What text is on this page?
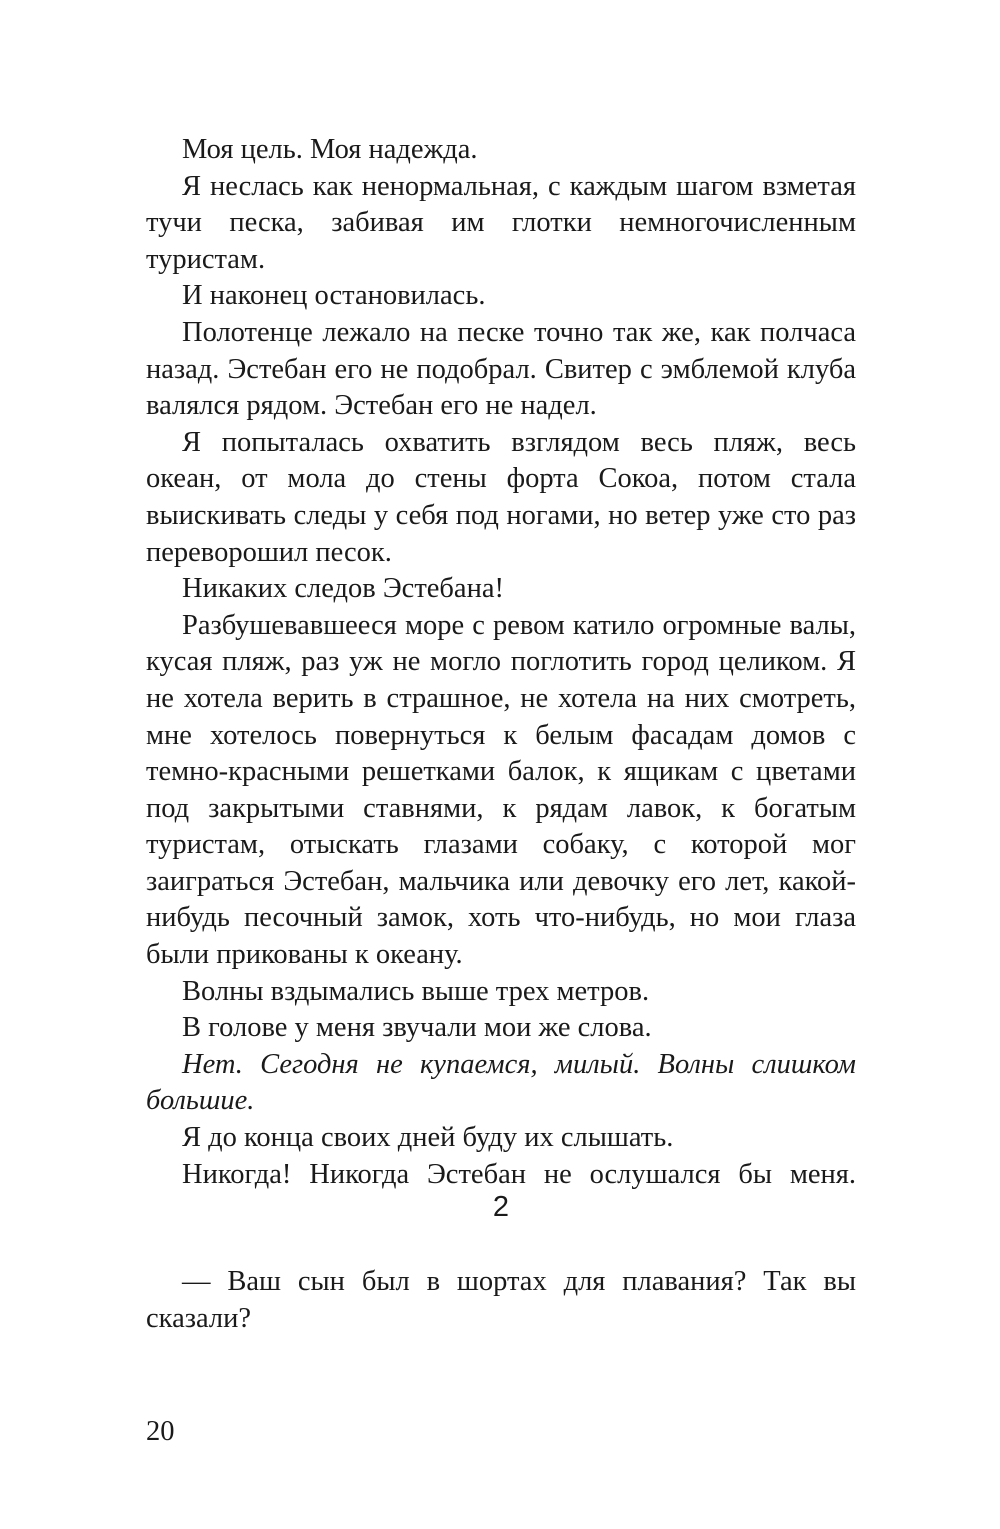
Моя цель. Моя надежда.

Я неслась как ненормальная, с каждым шагом взметая тучи песка, забивая им глотки немногочисленным туристам.

И наконец остановилась.

Полотенце лежало на песке точно так же, как полчаса назад. Эстебан его не подобрал. Свитер с эмблемой клуба валялся рядом. Эстебан его не надел.

Я попыталась охватить взглядом весь пляж, весь океан, от мола до стены форта Сокоа, потом стала выискивать следы у себя под ногами, но ветер уже сто раз переворошил песок.

Никаких следов Эстебана!

Разбушевавшееся море с ревом катило огромные валы, кусая пляж, раз уж не могло поглотить город целиком. Я не хотела верить в страшное, не хотела на них смотреть, мне хотелось повернуться к белым фасадам домов с темно-красными решетками балок, к ящикам с цветами под закрытыми ставнями, к рядам лавок, к богатым туристам, отыскать глазами собаку, с которой мог заиграться Эстебан, мальчика или девочку его лет, какой-нибудь песочный замок, хоть что-нибудь, но мои глаза были прикованы к океану.

Волны вздымались выше трех метров.

В голове у меня звучали мои же слова.

Нет. Сегодня не купаемся, милый. Волны слишком большие.

Я до конца своих дней буду их слышать.

Никогда! Никогда Эстебан не ослушался бы меня.

2

— Ваш сын был в шортах для плавания? Так вы сказали?

20
